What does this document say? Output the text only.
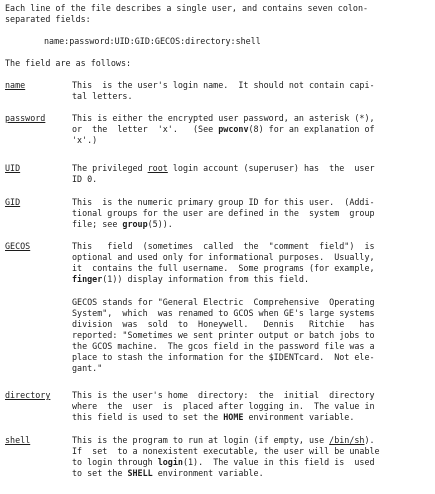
Each line of the file describes a single user, and contains seven colon-

separated fields:

name:password:UID:GID:GECOS:directory:shell

The field are as follows:

name

	This  is the user's login name.  It should not contain capi-

tal letters.

password

	This is either the encrypted user password, an asterisk (*),

or  the  letter  'x'.   (See pwconv(8) for an explanation of

'x'.)

UID

	The privileged root login account (superuser) has  the  user

ID 0.

GID

	This  is the numeric primary group ID for this user.  (Addi-

tional groups for the user are defined in the  system  group

file; see group(5)).

GECOS

	This   field  (sometimes  called  the  "comment  field")  is

optional and used only for informational purposes.  Usually,

it  contains the full username.  Some programs (for example,

finger(1)) display information from this field.

GECOS stands for "General Electric  Comprehensive  Operating

System",  which  was renamed to GCOS when GE's large systems

division  was  sold  to  Honeywell.   Dennis   Ritchie   has

reported: "Sometimes we sent printer output or batch jobs to

the GCOS machine.  The gcos field in the password file was a

place to stash the information for the $IDENTcard.  Not ele-

gant."

directory

	This is the user's home  directory:  the  initial  directory

where  the  user  is  placed after logging in.  The value in

this field is used to set the HOME environment variable.

shell

	This is the program to run at login (if empty, use /bin/sh).

If  set  to a nonexistent executable, the user will be unable

to login through login(1).  The value in this field is  used

to set the SHELL environment variable.
